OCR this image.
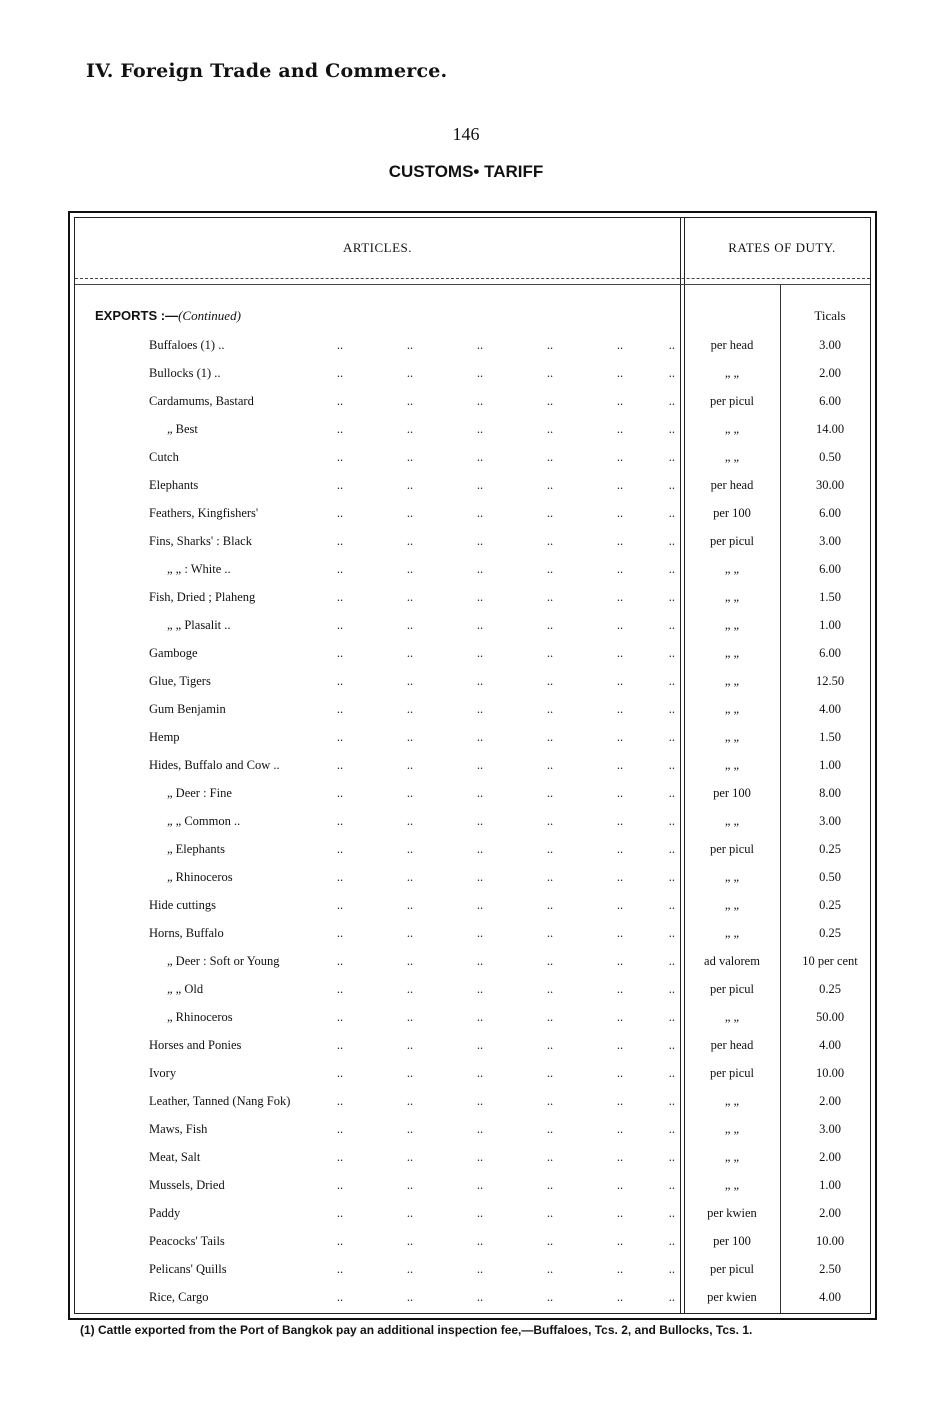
IV. Foreign Trade and Commerce.
146
CUSTOMS• TARIFF
ARTICLES.	RATES OF DUTY.
EXPORTS :—(Continued)	Ticals
Buffaloes (1) ..	..	..	..	..	..	..	per head	3.00
Bullocks (1) ..	..	..	..	..	..	..	„ „	2.00
Cardamums, Bastard	..	..	..	..	..	..	per picul	6.00
„ Best	..	..	..	..	..	..	„ „	14.00
Cutch	..	..	..	..	..	..	„ „	0.50
Elephants	..	..	..	..	..	..	per head	30.00
Feathers, Kingfishers'	..	..	..	..	..	..	per 100	6.00
Fins, Sharks' : Black	..	..	..	..	..	..	per picul	3.00
„ „ : White ..	..	..	..	..	..	..	„ „	6.00
Fish, Dried ; Plaheng	..	..	..	..	..	..	„ „	1.50
„ „ Plasalit ..	..	..	..	..	..	..	„ „	1.00
Gamboge	..	..	..	..	..	..	„ „	6.00
Glue, Tigers	..	..	..	..	..	..	„ „	12.50
Gum Benjamin	..	..	..	..	..	..	„ „	4.00
Hemp	..	..	..	..	..	..	„ „	1.50
Hides, Buffalo and Cow ..	..	..	..	..	..	..	„ „	1.00
„ Deer : Fine	..	..	..	..	..	..	per 100	8.00
„ „ Common ..	..	..	..	..	..	..	„ „	3.00
„ Elephants	..	..	..	..	..	..	per picul	0.25
„ Rhinoceros	..	..	..	..	..	..	„ „	0.50
Hide cuttings	..	..	..	..	..	..	„ „	0.25
Horns, Buffalo	..	..	..	..	..	..	„ „	0.25
„ Deer : Soft or Young	..	..	..	..	..	..	ad valorem	10 per cent
„ „ Old	..	..	..	..	..	..	per picul	0.25
„ Rhinoceros	..	..	..	..	..	..	„ „	50.00
Horses and Ponies	..	..	..	..	..	..	per head	4.00
Ivory	..	..	..	..	..	..	per picul	10.00
Leather, Tanned (Nang Fok)	..	..	..	..	..	..	„ „	2.00
Maws, Fish	..	..	..	..	..	..	„ „	3.00
Meat, Salt	..	..	..	..	..	..	„ „	2.00
Mussels, Dried	..	..	..	..	..	..	„ „	1.00
Paddy	..	..	..	..	..	..	per kwien	2.00
Peacocks' Tails	..	..	..	..	..	..	per 100	10.00
Pelicans' Quills	..	..	..	..	..	..	per picul	2.50
Rice, Cargo	..	..	..	..	..	..	per kwien	4.00
(1) Cattle exported from the Port of Bangkok pay an additional inspection fee,—Buffaloes, Tcs. 2, and Bullocks, Tcs. 1.
